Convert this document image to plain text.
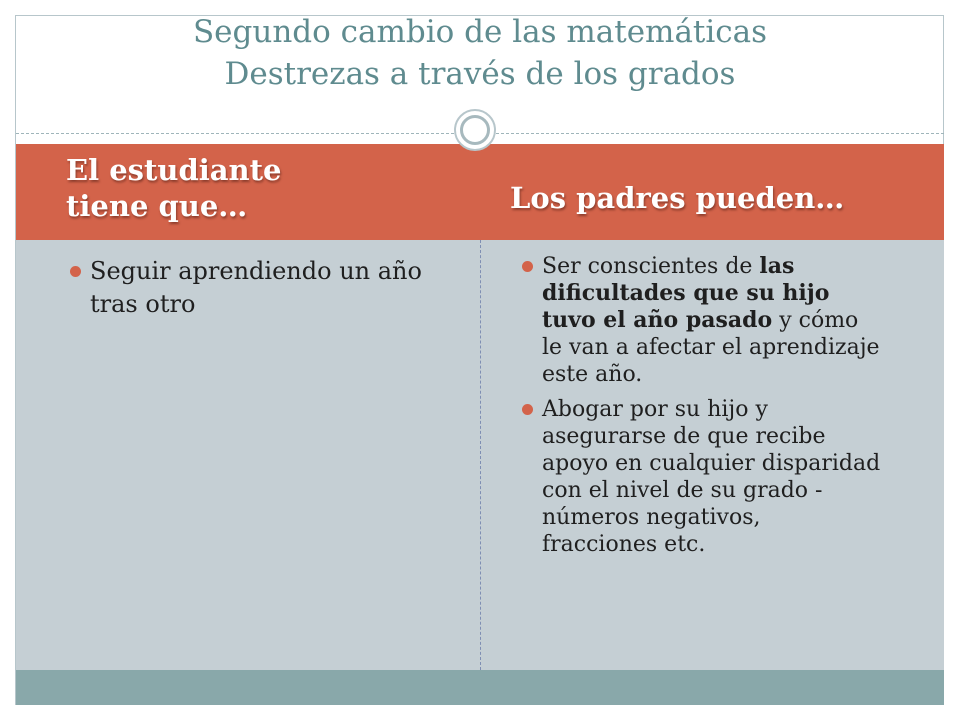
Segundo cambio de las matemáticas
Destrezas a través de los grados
El estudiante tiene que…	Los padres pueden…
Seguir aprendiendo un año tras otro
Ser conscientes de las dificultades que su hijo tuvo el año pasado y cómo le van a afectar el aprendizaje este año.
Abogar por su hijo y asegurarse de que recibe apoyo en cualquier disparidad con el nivel de su grado - números negativos, fracciones etc.
